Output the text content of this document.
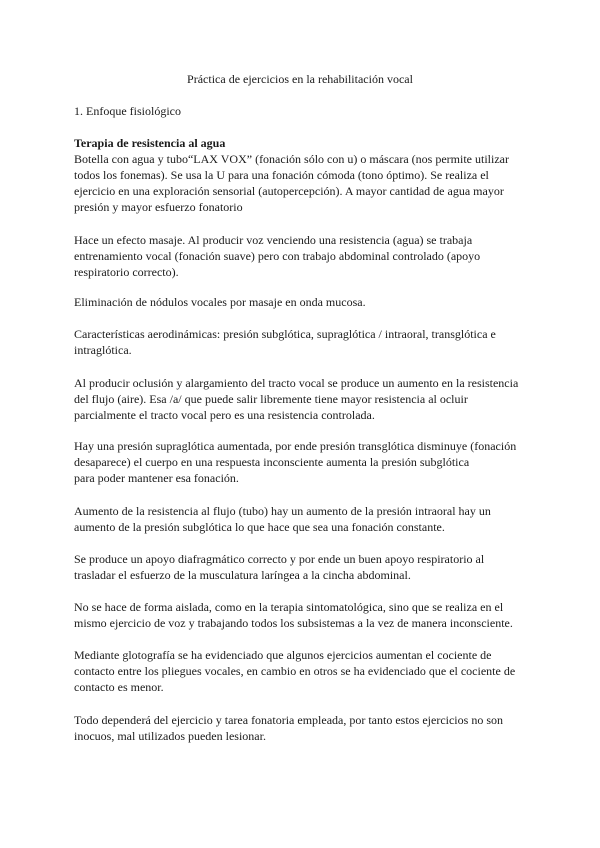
Práctica de ejercicios en la rehabilitación vocal
1. Enfoque fisiológico
Terapia de resistencia al agua
Botella con agua y tubo“LAX VOX” (fonación sólo con u) o máscara (nos permite utilizar
todos los fonemas). Se usa la U para una fonación cómoda (tono óptimo). Se realiza el
ejercicio en una exploración sensorial (autopercepción). A mayor cantidad de agua mayor
presión y mayor esfuerzo fonatorio
Hace un efecto masaje. Al producir voz venciendo una resistencia (agua) se trabaja
entrenamiento vocal (fonación suave) pero con trabajo abdominal controlado (apoyo
respiratorio correcto).
Eliminación de nódulos vocales por masaje en onda mucosa.
Características aerodinámicas: presión subglótica, supraglótica / intraoral, transglótica e
intraglótica.
Al producir oclusión y alargamiento del tracto vocal se produce un aumento en la resistencia
del flujo (aire). Esa /a/ que puede salir libremente tiene mayor resistencia al ocluir
parcialmente el tracto vocal pero es una resistencia controlada.
Hay una presión supraglótica aumentada, por ende presión transglótica disminuye (fonación
desaparece) el cuerpo en una respuesta inconsciente aumenta la presión subglótica
para poder mantener esa fonación.
Aumento de la resistencia al flujo (tubo) hay un aumento de la presión intraoral hay un
aumento de la presión subglótica lo que hace que sea una fonación constante.
Se produce un apoyo diafragmático correcto y por ende un buen apoyo respiratorio al
trasladar el esfuerzo de la musculatura laríngea a la cincha abdominal.
No se hace de forma aislada, como en la terapia sintomatológica, sino que se realiza en el
mismo ejercicio de voz y trabajando todos los subsistemas a la vez de manera inconsciente.
Mediante glotografía se ha evidenciado que algunos ejercicios aumentan el cociente de
contacto entre los pliegues vocales, en cambio en otros se ha evidenciado que el cociente de
contacto es menor.
Todo dependerá del ejercicio y tarea fonatoria empleada, por tanto estos ejercicios no son
inocuos, mal utilizados pueden lesionar.
